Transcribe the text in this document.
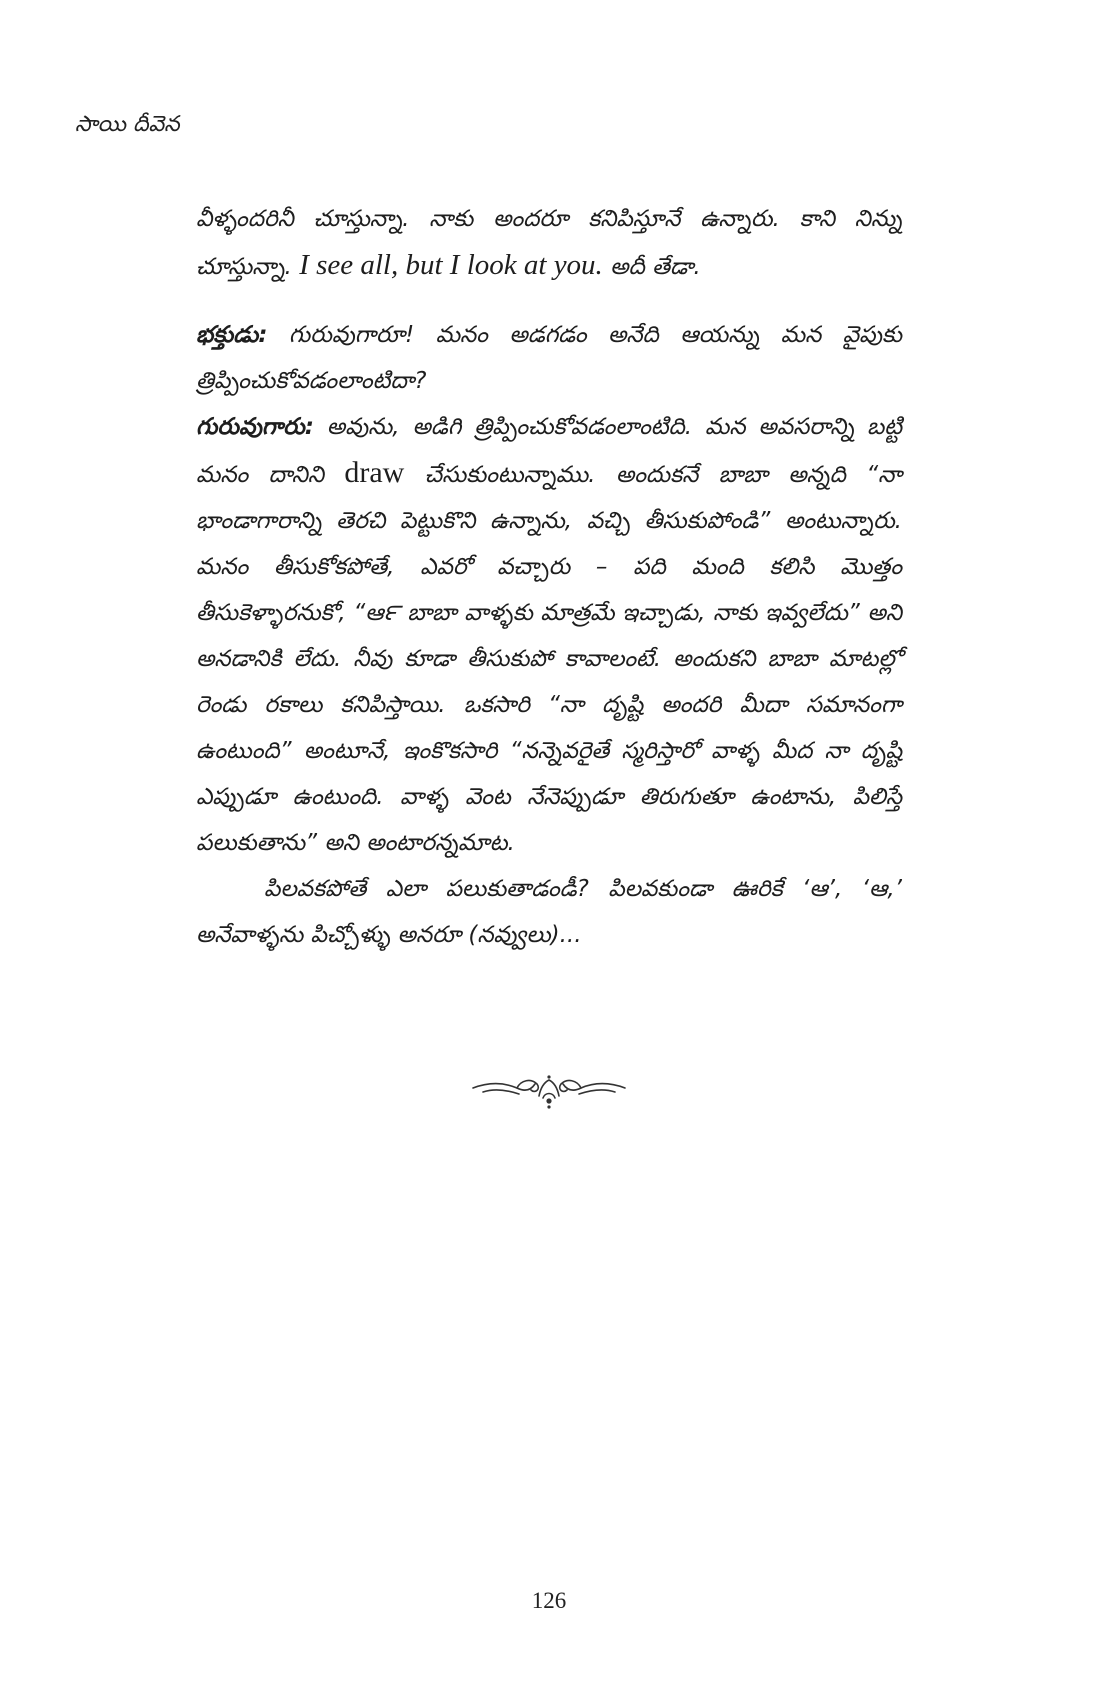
సాయి దీవెన

వీళ్ళందరినీ చూస్తున్నా. నాకు అందరూ కనిపిస్తూనే ఉన్నారు. కాని నిన్ను చూస్తున్నా. I see all, but I look at you. అదీ తేడా.

భక్తుడు: గురువుగారూ! మనం అడగడం అనేది ఆయన్ను మన వైపుకు త్రిప్పించుకోవడంలాంటిదా?

గురువుగారు: అవును, అడిగి త్రిప్పించుకోవడంలాంటిది. మన అవసరాన్ని బట్టి మనం దానిని draw చేసుకుంటున్నాము. అందుకనే బాబా అన్నది “నా భాండాగారాన్ని తెరచి పెట్టుకొని ఉన్నాను, వచ్చి తీసుకుపోండి” అంటున్నారు. మనం తీసుకోకపోతే, ఎవరో వచ్చారు – పది మంది కలిసి మొత్తం తీసుకెళ్ళారనుకో, “ఆ౯ బాబా వాళ్ళకు మాత్రమే ఇచ్చాడు, నాకు ఇవ్వలేదు” అని అనడానికి లేదు. నీవు కూడా తీసుకుపో కావాలంటే. అందుకని బాబా మాటల్లో రెండు రకాలు కనిపిస్తాయి. ఒకసారి “నా దృష్టి అందరి మీదా సమానంగా ఉంటుంది” అంటూనే, ఇంకొకసారి “నన్నెవరైతే స్మరిస్తారో వాళ్ళ మీద నా దృష్టి ఎప్పుడూ ఉంటుంది. వాళ్ళ వెంట నేనెప్పుడూ తిరుగుతూ ఉంటాను, పిలిస్తే పలుకుతాను” అని అంటారన్నమాట.

పిలవకపోతే ఎలా పలుకుతాడండీ? పిలవకుండా ఊరికే ‘ఆ’, ‘ఆ,’ అనేవాళ్ళను పిచ్చోళ్ళు అనరూ (నవ్వులు)...

126
